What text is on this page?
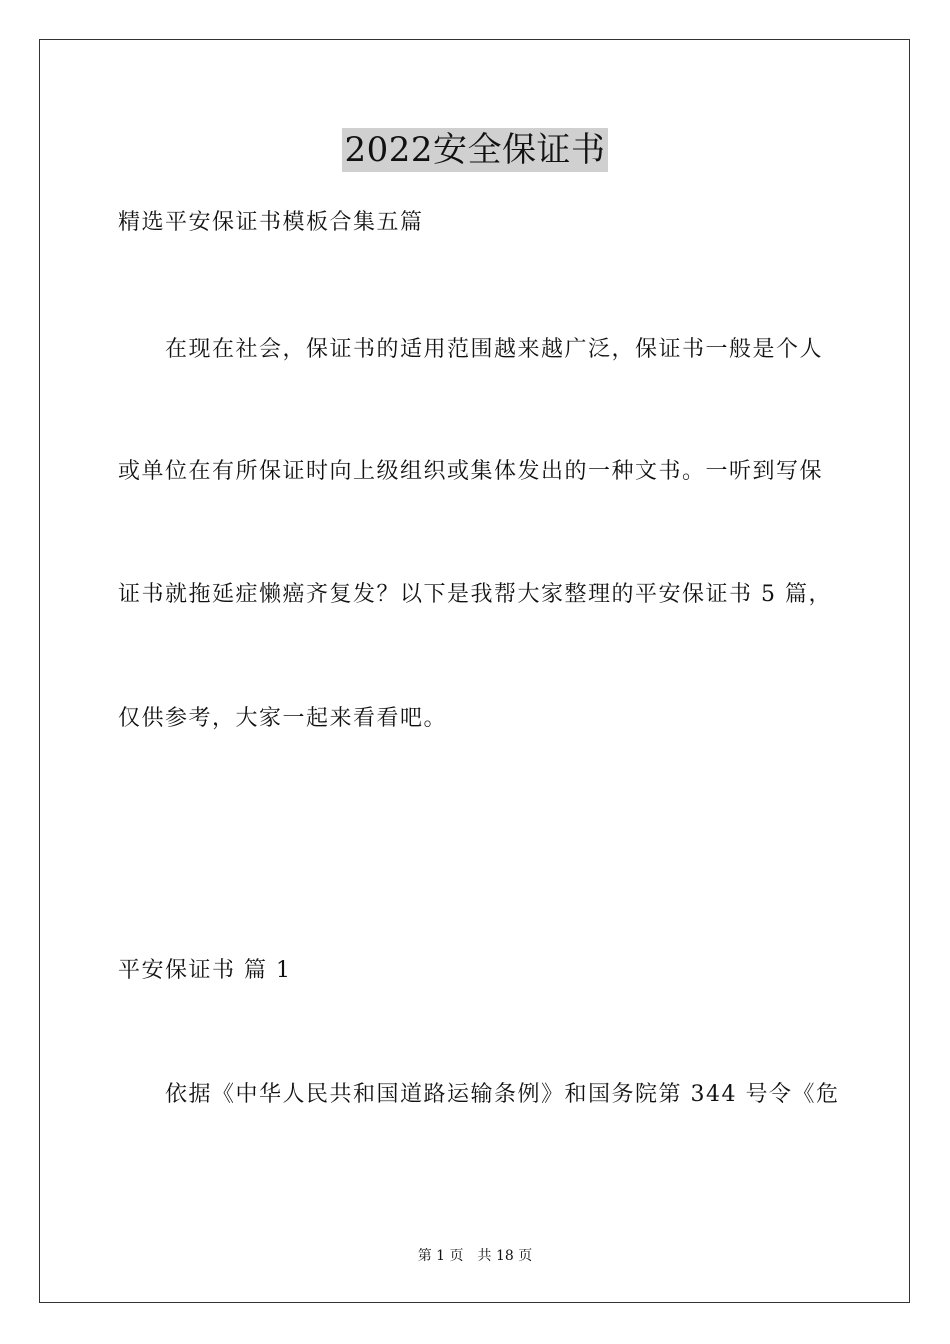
2022安全保证书
精选平安保证书模板合集五篇
在现在社会，保证书的适用范围越来越广泛，保证书一般是个人
或单位在有所保证时向上级组织或集体发出的一种文书。一听到写保
证书就拖延症懒癌齐复发？以下是我帮大家整理的平安保证书 5 篇，
仅供参考，大家一起来看看吧。
平安保证书 篇 1
依据《中华人民共和国道路运输条例》和国务院第 344 号令《危
第 1 页 共 18 页
